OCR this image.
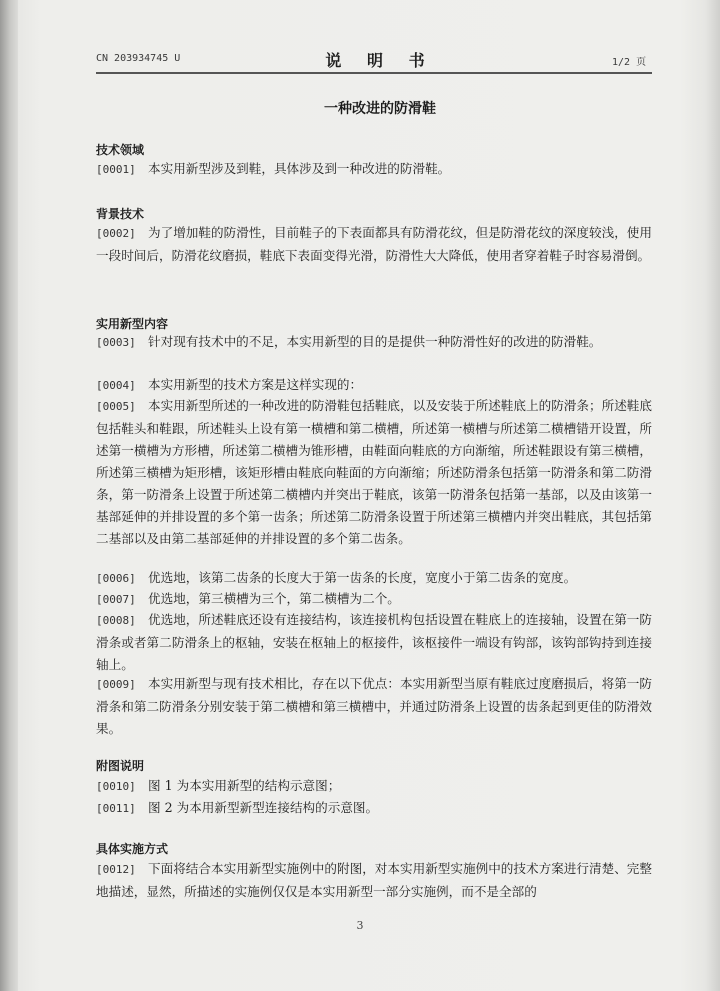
CN 203934745 U	说 明 书	1/2 页
一种改进的防滑鞋
技术领域
[0001] 本实用新型涉及到鞋，具体涉及到一种改进的防滑鞋。
背景技术
[0002] 为了增加鞋的防滑性，目前鞋子的下表面都具有防滑花纹，但是防滑花纹的深度较浅，使用一段时间后，防滑花纹磨损，鞋底下表面变得光滑，防滑性大大降低，使用者穿着鞋子时容易滑倒。
实用新型内容
[0003] 针对现有技术中的不足，本实用新型的目的是提供一种防滑性好的改进的防滑鞋。
[0004] 本实用新型的技术方案是这样实现的：
[0005] 本实用新型所述的一种改进的防滑鞋包括鞋底，以及安装于所述鞋底上的防滑条；所述鞋底包括鞋头和鞋跟，所述鞋头上设有第一横槽和第二横槽，所述第一横槽与所述第二横槽错开设置，所述第一横槽为方形槽，所述第二横槽为锥形槽，由鞋面向鞋底的方向渐缩，所述鞋跟设有第三横槽，所述第三横槽为矩形槽，该矩形槽由鞋底向鞋面的方向渐缩；所述防滑条包括第一防滑条和第二防滑条，第一防滑条上设置于所述第二横槽内并突出于鞋底，该第一防滑条包括第一基部，以及由该第一基部延伸的并排设置的多个第一齿条；所述第二防滑条设置于所述第三横槽内并突出鞋底，其包括第二基部以及由第二基部延伸的并排设置的多个第二齿条。
[0006] 优选地，该第二齿条的长度大于第一齿条的长度，宽度小于第二齿条的宽度。
[0007] 优选地，第三横槽为三个，第二横槽为二个。
[0008] 优选地，所述鞋底还设有连接结构，该连接机构包括设置在鞋底上的连接轴，设置在第一防滑条或者第二防滑条上的枢轴，安装在枢轴上的枢接件，该枢接件一端设有钩部，该钩部钩持到连接轴上。
[0009] 本实用新型与现有技术相比，存在以下优点：本实用新型当原有鞋底过度磨损后，将第一防滑条和第二防滑条分别安装于第二横槽和第三横槽中，并通过防滑条上设置的齿条起到更佳的防滑效果。
附图说明
[0010] 图 1 为本实用新型的结构示意图；
[0011] 图 2 为本用新型新型连接结构的示意图。
具体实施方式
[0012] 下面将结合本实用新型实施例中的附图，对本实用新型实施例中的技术方案进行清楚、完整地描述，显然，所描述的实施例仅仅是本实用新型一部分实施例，而不是全部的
3
